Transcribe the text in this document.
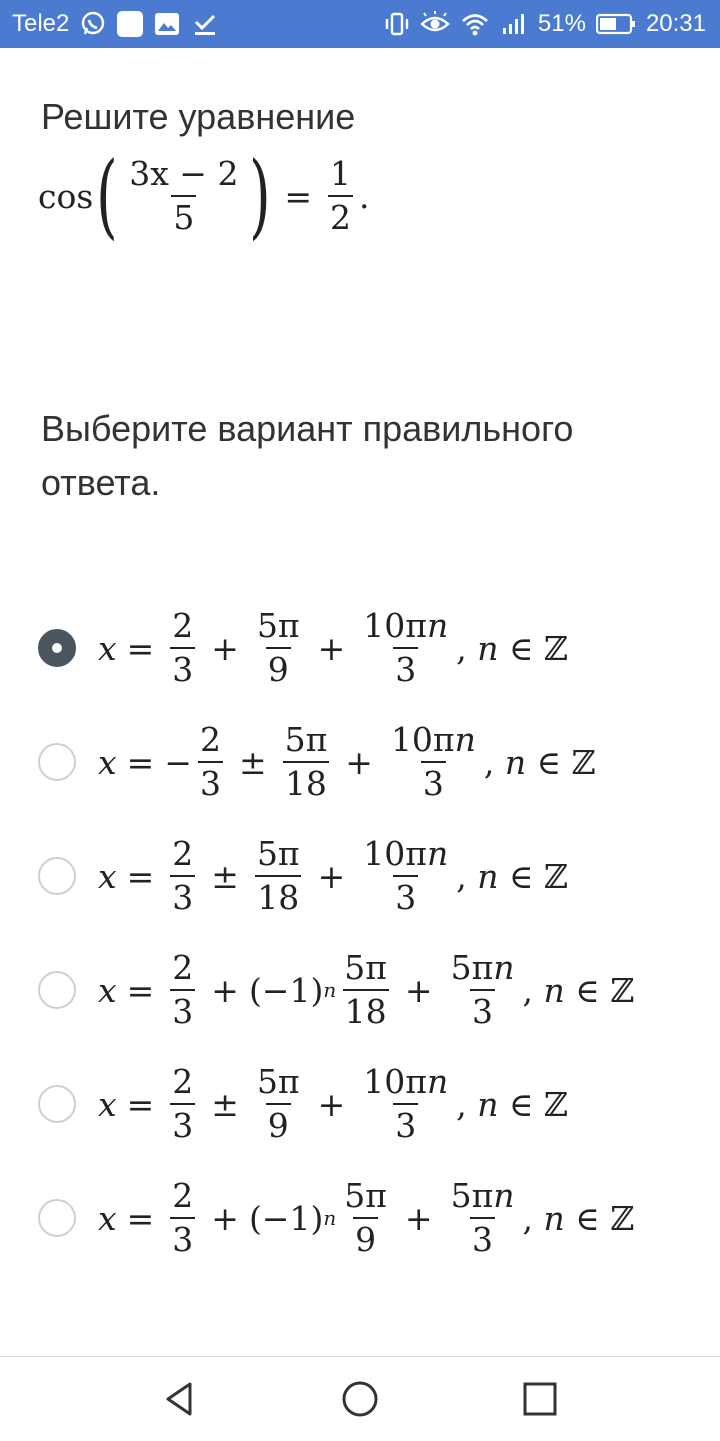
Tele2	51%	20:31
Решите уравнение
cos ( $\frac{3x - 2}{5}$ ) = $\frac{1}{2}$ .
Выберите вариант правильного ответа.
$x = \frac{2}{3} + \frac{5\pi}{9} + \frac{10\pi n}{3}$ , n ∈ ℤ
x = − $\frac{2}{3} \pm \frac{5\pi}{18} + \frac{10\pi n}{3}$ , n ∈ ℤ
$x = \frac{2}{3} \pm \frac{5\pi}{18} + \frac{10\pi n}{3}$ , n ∈ ℤ
$x = \frac{2}{3} + (-1)$ n $\frac{5\pi}{18} + \frac{5\pi n}{3}$ , n ∈ ℤ
$x = \frac{2}{3} \pm \frac{5\pi}{9} + \frac{10\pi n}{3}$ , n ∈ ℤ
$x = \frac{2}{3} + (-1)$ n $\frac{5\pi}{9} + \frac{5\pi n}{3}$ , n ∈ ℤ
